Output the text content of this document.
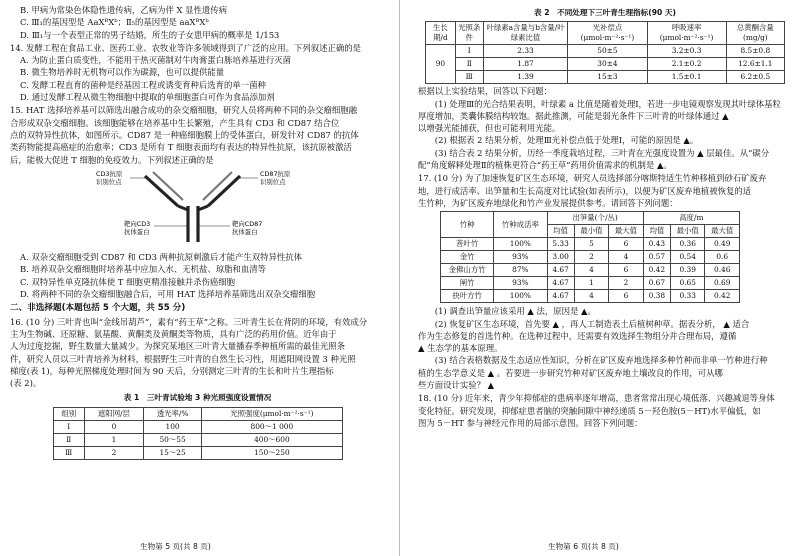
B. 甲病为常染色体隐性遗传病，乙病为伴 X 显性遗传病

C. Ⅲ₁的基因型是 AaXᴮXᵇ；Ⅱ₅的基因型是 aaXᴮXᵇ

D. Ⅲ₁与一个表型正常的男子结婚，所生的子女患甲病的概率是 1/153

14. 发酵工程在食品工业、医药工业、农牧业等许多领域得到了广泛的应用。下列叙述正确的是

A. 为防止蛋白质变性，不能用干热灭菌制对牛肉膏蛋白胨培养基进行灭菌

B. 微生物培养时无机物可以作为碳源，也可以提供能量

C. 发酵工程直育的菌种是经基因工程或诱变育种后选育的单一菌种

D. 通过发酵工程从微生物细胞中提取的单细胞蛋白可作为食品添加剂

15. HAT 选择培养基可以筛选出融合成功的杂交瘤细胞，研究人员将两种不同的杂交瘤细胞融

合形成双杂交瘤细胞。该细胞能够在培养基中生长繁殖，产生具有 CD3 和 CD87 结合位

点的双特异性抗体，如图所示。CD87 是一种癌细胞膜上的受体蛋白，研发针对 CD87 的抗体

类药物能提高癌症的治愈率；CD3 是所有 T 细胞表面均有表达的特异性抗原，该抗原被激活

后，能极大促进 T 细胞的免疫效力。下列叙述正确的是

CD3抗原
识别位点
CD87抗原
识别位点
靶向CD3
抗体蛋白
靶向CD87
抗体蛋白

A. 双杂交瘤细胞受到 CD87 和 CD3 两种抗原刺激后才能产生双特异性抗体

B. 培养双杂交瘤细胞时培养基中应加入水、无机盐、琼脂和血清等

C. 双特异性单克隆抗体使 T 细胞更精准接触并杀伤癌细胞

D. 将两种不同的杂交瘤细胞融合后，可用 HAT 选择培养基筛选出双杂交瘤细胞

二、非选择题(本题包括 5 个大题，共 55 分)

16. (10 分) 三叶青也叫“金线吊葫芦”，素有“药王草”之称。三叶青生长在背阴的环境，有效成分

主为生物碱、还原糖、氨基酸、黄酮类及黄酮类等物质，具有广泛的药用价值。近年由于

人为过度挖掘，野生数量大量减少。为探究某地区三叶青大量播春季种植所需的最佳光照条

件，研究人员以三叶青培养为材料，根据野生三叶青的自然生长习性，用遮阳网设置 3 种光照

梯度(表 1)，每种光照梯度处理时间为 90 天后，分别测定三叶青的生长和叶片生理指标

(表 2)。

表 1　三叶青试验地 3 种光照强度设置情况
组别	遮阳网/层	透光率/%	光照强度(μmol·m⁻²·s⁻¹)
Ⅰ	0	100	800～1 000
Ⅱ	1	50～55	400～600
Ⅲ	2	15～25	150～250
表 2　不同处理下三叶青生理指标(90 天)
生长期/d	光照条件	叶绿素a含量与b含量/叶绿素比值	光补偿点(μmol·m⁻²·s⁻¹)	呼吸速率(μmol·m⁻²·s⁻¹)	总黄酮含量(mg/g)
90	Ⅰ	2.33	50±5	3.2±0.3	8.5±0.8
	Ⅱ	1.87	30±4	2.1±0.2	12.6±1.1
	Ⅲ	1.39	15±3	1.5±0.1	6.2±0.5

根据以上实验结果，回答以下问题：

(1) 处理Ⅲ的光合结果表明，叶绿素 a 比值是随着处理Ⅰ，若进一步电镜观察发现其叶绿体基粒

厚度增加，类囊体膜结构较饱。据此推测，可能是弱光条件下三叶青的叶绿体通过 ▲

以增强光能捕获，但也可能利用光能。

(2) 根据表 2 结果分析，处理Ⅲ光补偿点低于处理Ⅰ，可能的原因是 ▲。

(3) 结合表 2 结果分析，历经一季度栽培过程，三叶青在光强度设置为 ▲ 层最佳。从“碳分

配”角度解释处理Ⅱ的植株更符合“药王草”药用价值需求的机制是 ▲。

17. (10 分) 为了加速恢复矿区生态环境，研究人员选择部分喀斯特适生竹种移植到砂石矿废弃

地，进行成活率、出笋量和生长高度对比试验(如表所示)，以便为矿区废弃地植被恢复的适

生竹种，为矿区废弃地绿化和竹产业发展提供参考。请回答下列问题：

竹种	竹种成活率	出笋量(个/丛)			高度/m		
		均值	最小值	最大值	均值	最小值	最大值
菩叶竹	100%	5.33	5	6	0.43	0.36	0.49
金竹	93%	3.00	2	4	0.57	0.54	0.6
金佛山方竹	87%	4.67	4	6	0.42	0.39	0.46
阐竹	93%	4.67	1	2	0.67	0.65	0.69
抉叶方竹	100%	4.67	4	6	0.38	0.33	0.42

(1) 调查出笋量应该采用 ▲ 法，原因是 ▲。

(2) 恢复矿区生态环境，首先要 ▲ ，再人工制造表土后植树种草。据表分析， ▲ 适合

作为生态修复的首选竹种。在选种过程中，还需要有效选择生物组分并合理布局，遵循

▲ 生态学的基本原理。

(3) 结合表格数据及生态适应性知识，分析在矿区废弃地选择多种竹种而非单一竹种进行种

植的生态学意义是 ▲ 。若要进一步研究竹种对矿区废弃地土壤改良的作用，可从哪

些方面设计实验？ ▲

18. (10 分) 近年来，青少年抑郁症的患病率逐年增高，患者常常出现心境低落、兴趣减退等身体

变化特征。研究发现，抑郁症患者脑的突触间隙中神经递质 5－羟色胺(5－HT)水平偏低，如

图为 5－HT 参与神经元作用的局部示意图。回答下列问题：

生物第 5 页(共 8 页)	生物第 6 页(共 8 页)
